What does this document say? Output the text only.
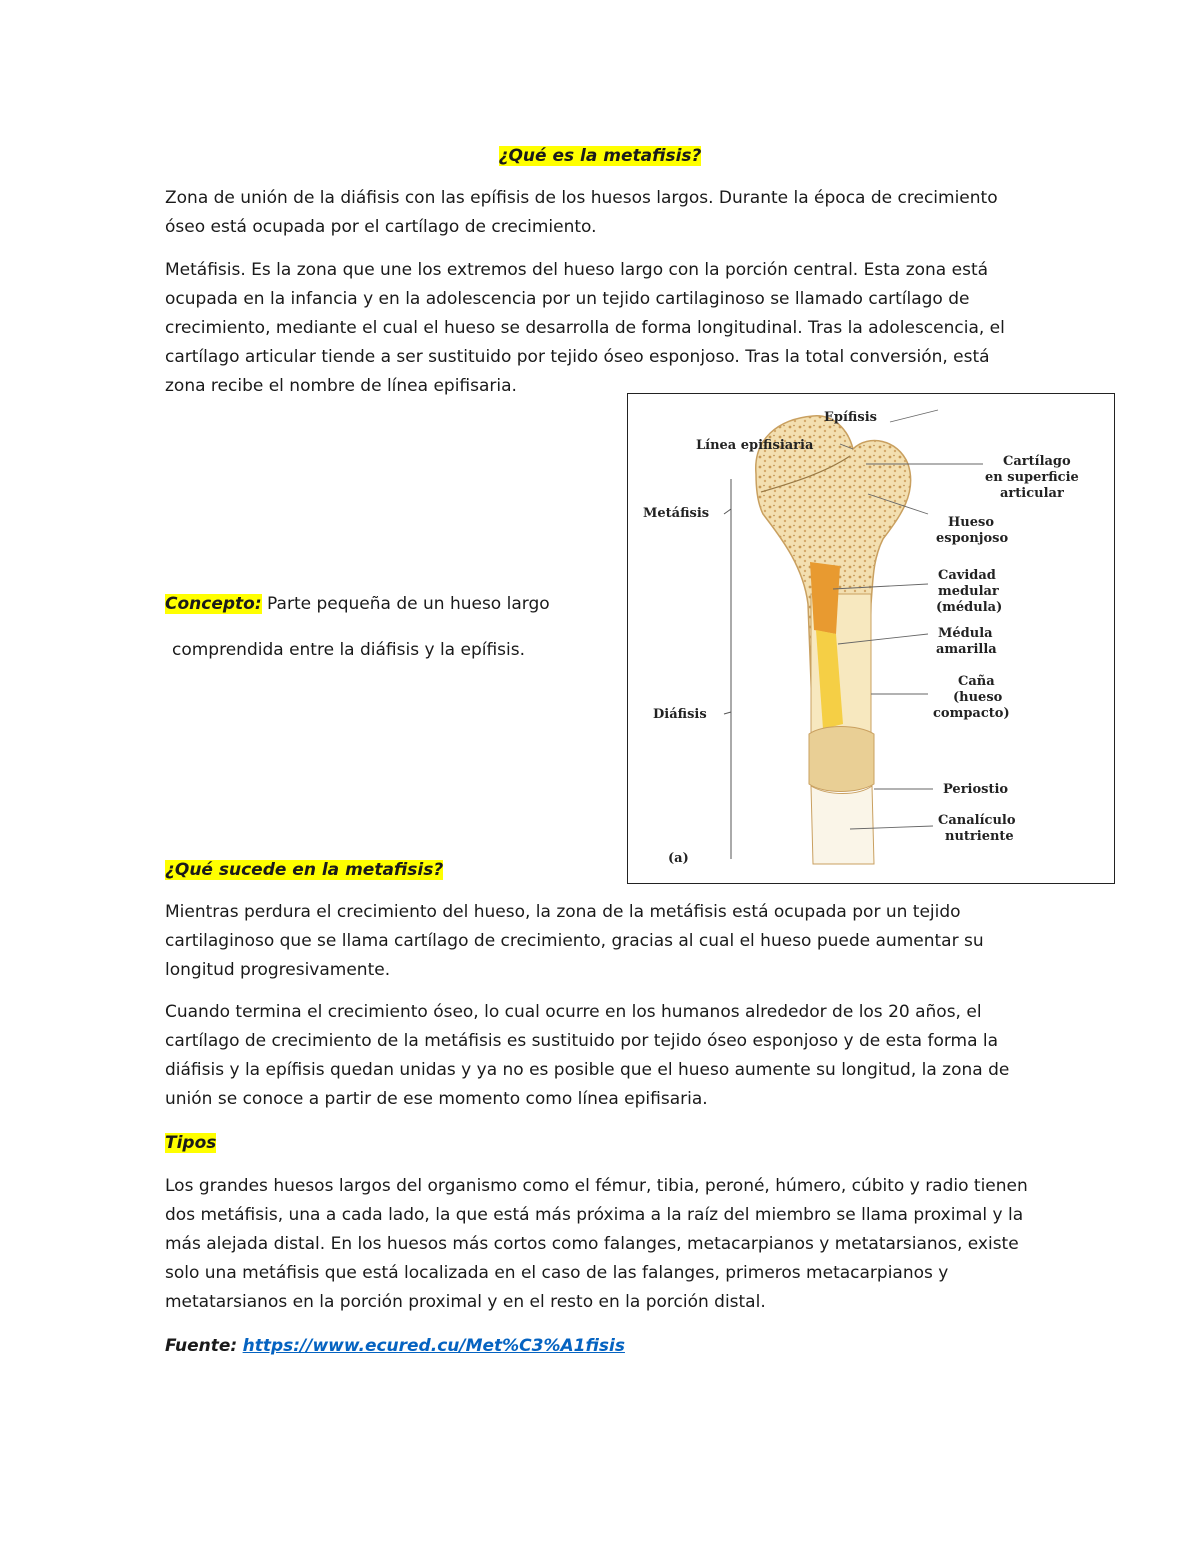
¿Qué es la metafisis?

Zona de unión de la diáfisis con las epífisis de los huesos largos. Durante la época de crecimiento óseo está ocupada por el cartílago de crecimiento.

Metáfisis. Es la zona que une los extremos del hueso largo con la porción central. Esta zona está ocupada en la infancia y en la adolescencia por un tejido cartilaginoso se llamado cartílago de crecimiento, mediante el cual el hueso se desarrolla de forma longitudinal. Tras la adolescencia, el cartílago articular tiende a ser sustituido por tejido óseo esponjoso. Tras la total conversión, está zona recibe el nombre de línea epifisaria.

Concepto: Parte pequeña de un hueso largo
comprendida entre la diáfisis y la epífisis.
Epífisis
Línea epifisiaria
Metáfisis
Diáfisis
Cartílago
en superficie
articular
Hueso
esponjoso
Cavidad
medular
(médula)
Médula
amarilla
Caña
(hueso
compacto)
Periostio
Canalículo
nutriente
(a)
¿Qué sucede en la metafisis?

Mientras perdura el crecimiento del hueso, la zona de la metáfisis está ocupada por un tejido cartilaginoso que se llama cartílago de crecimiento, gracias al cual el hueso puede aumentar su longitud progresivamente.

Cuando termina el crecimiento óseo, lo cual ocurre en los humanos alrededor de los 20 años, el cartílago de crecimiento de la metáfisis es sustituido por tejido óseo esponjoso y de esta forma la diáfisis y la epífisis quedan unidas y ya no es posible que el hueso aumente su longitud, la zona de unión se conoce a partir de ese momento como línea epifisaria.

Tipos

Los grandes huesos largos del organismo como el fémur, tibia, peroné, húmero, cúbito y radio tienen dos metáfisis, una a cada lado, la que está más próxima a la raíz del miembro se llama proximal y la más alejada distal. En los huesos más cortos como falanges, metacarpianos y metatarsianos, existe solo una metáfisis que está localizada en el caso de las falanges, primeros metacarpianos y metatarsianos en la porción proximal y en el resto en la porción distal.

Fuente: https://www.ecured.cu/Met%C3%A1fisis
